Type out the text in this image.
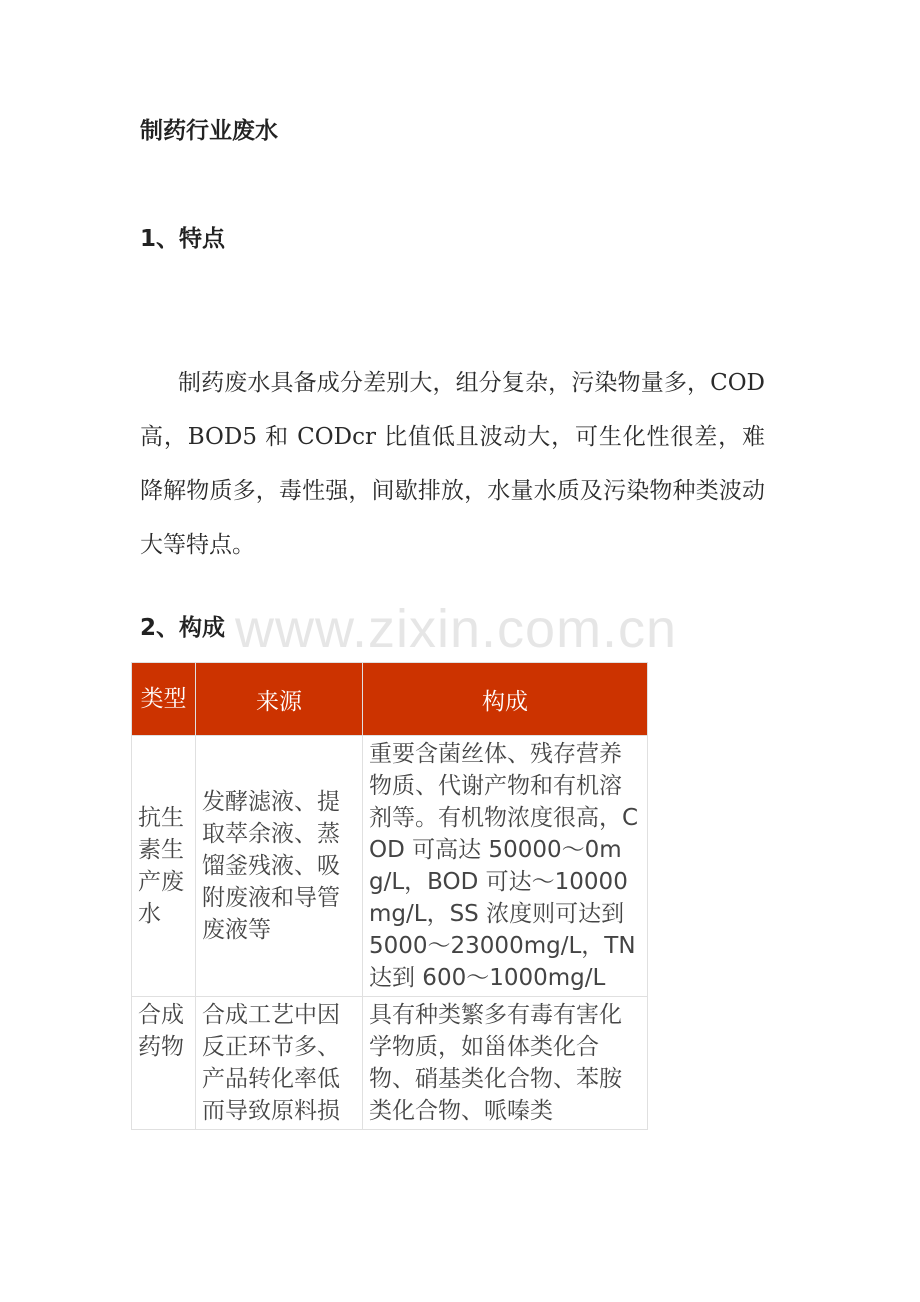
制药行业废水
1、特点

制药废水具备成分差别大，组分复杂，污染物量多，COD 高，BOD5 和 CODcr 比值低且波动大，可生化性很差，难降解物质多，毒性强，间歇排放，水量水质及污染物种类波动大等特点。

2、构成 www.zixin.com.cn
类型	来源	构成
抗生素生产废水	发酵滤液、提取萃余液、蒸馏釜残液、吸附废液和导管废液等	重要含菌丝体、残存营养物质、代谢产物和有机溶剂等。有机物浓度很高，COD 可高达 50000～0mg/L，BOD 可达～10000mg/L，SS 浓度则可达到 5000～23000mg/L，TN 达到 600～1000mg/L
合成药物	合成工艺中因反正环节多、产品转化率低而导致原料损	具有种类繁多有毒有害化学物质，如甾体类化合物、硝基类化合物、苯胺类化合物、哌嗪类
